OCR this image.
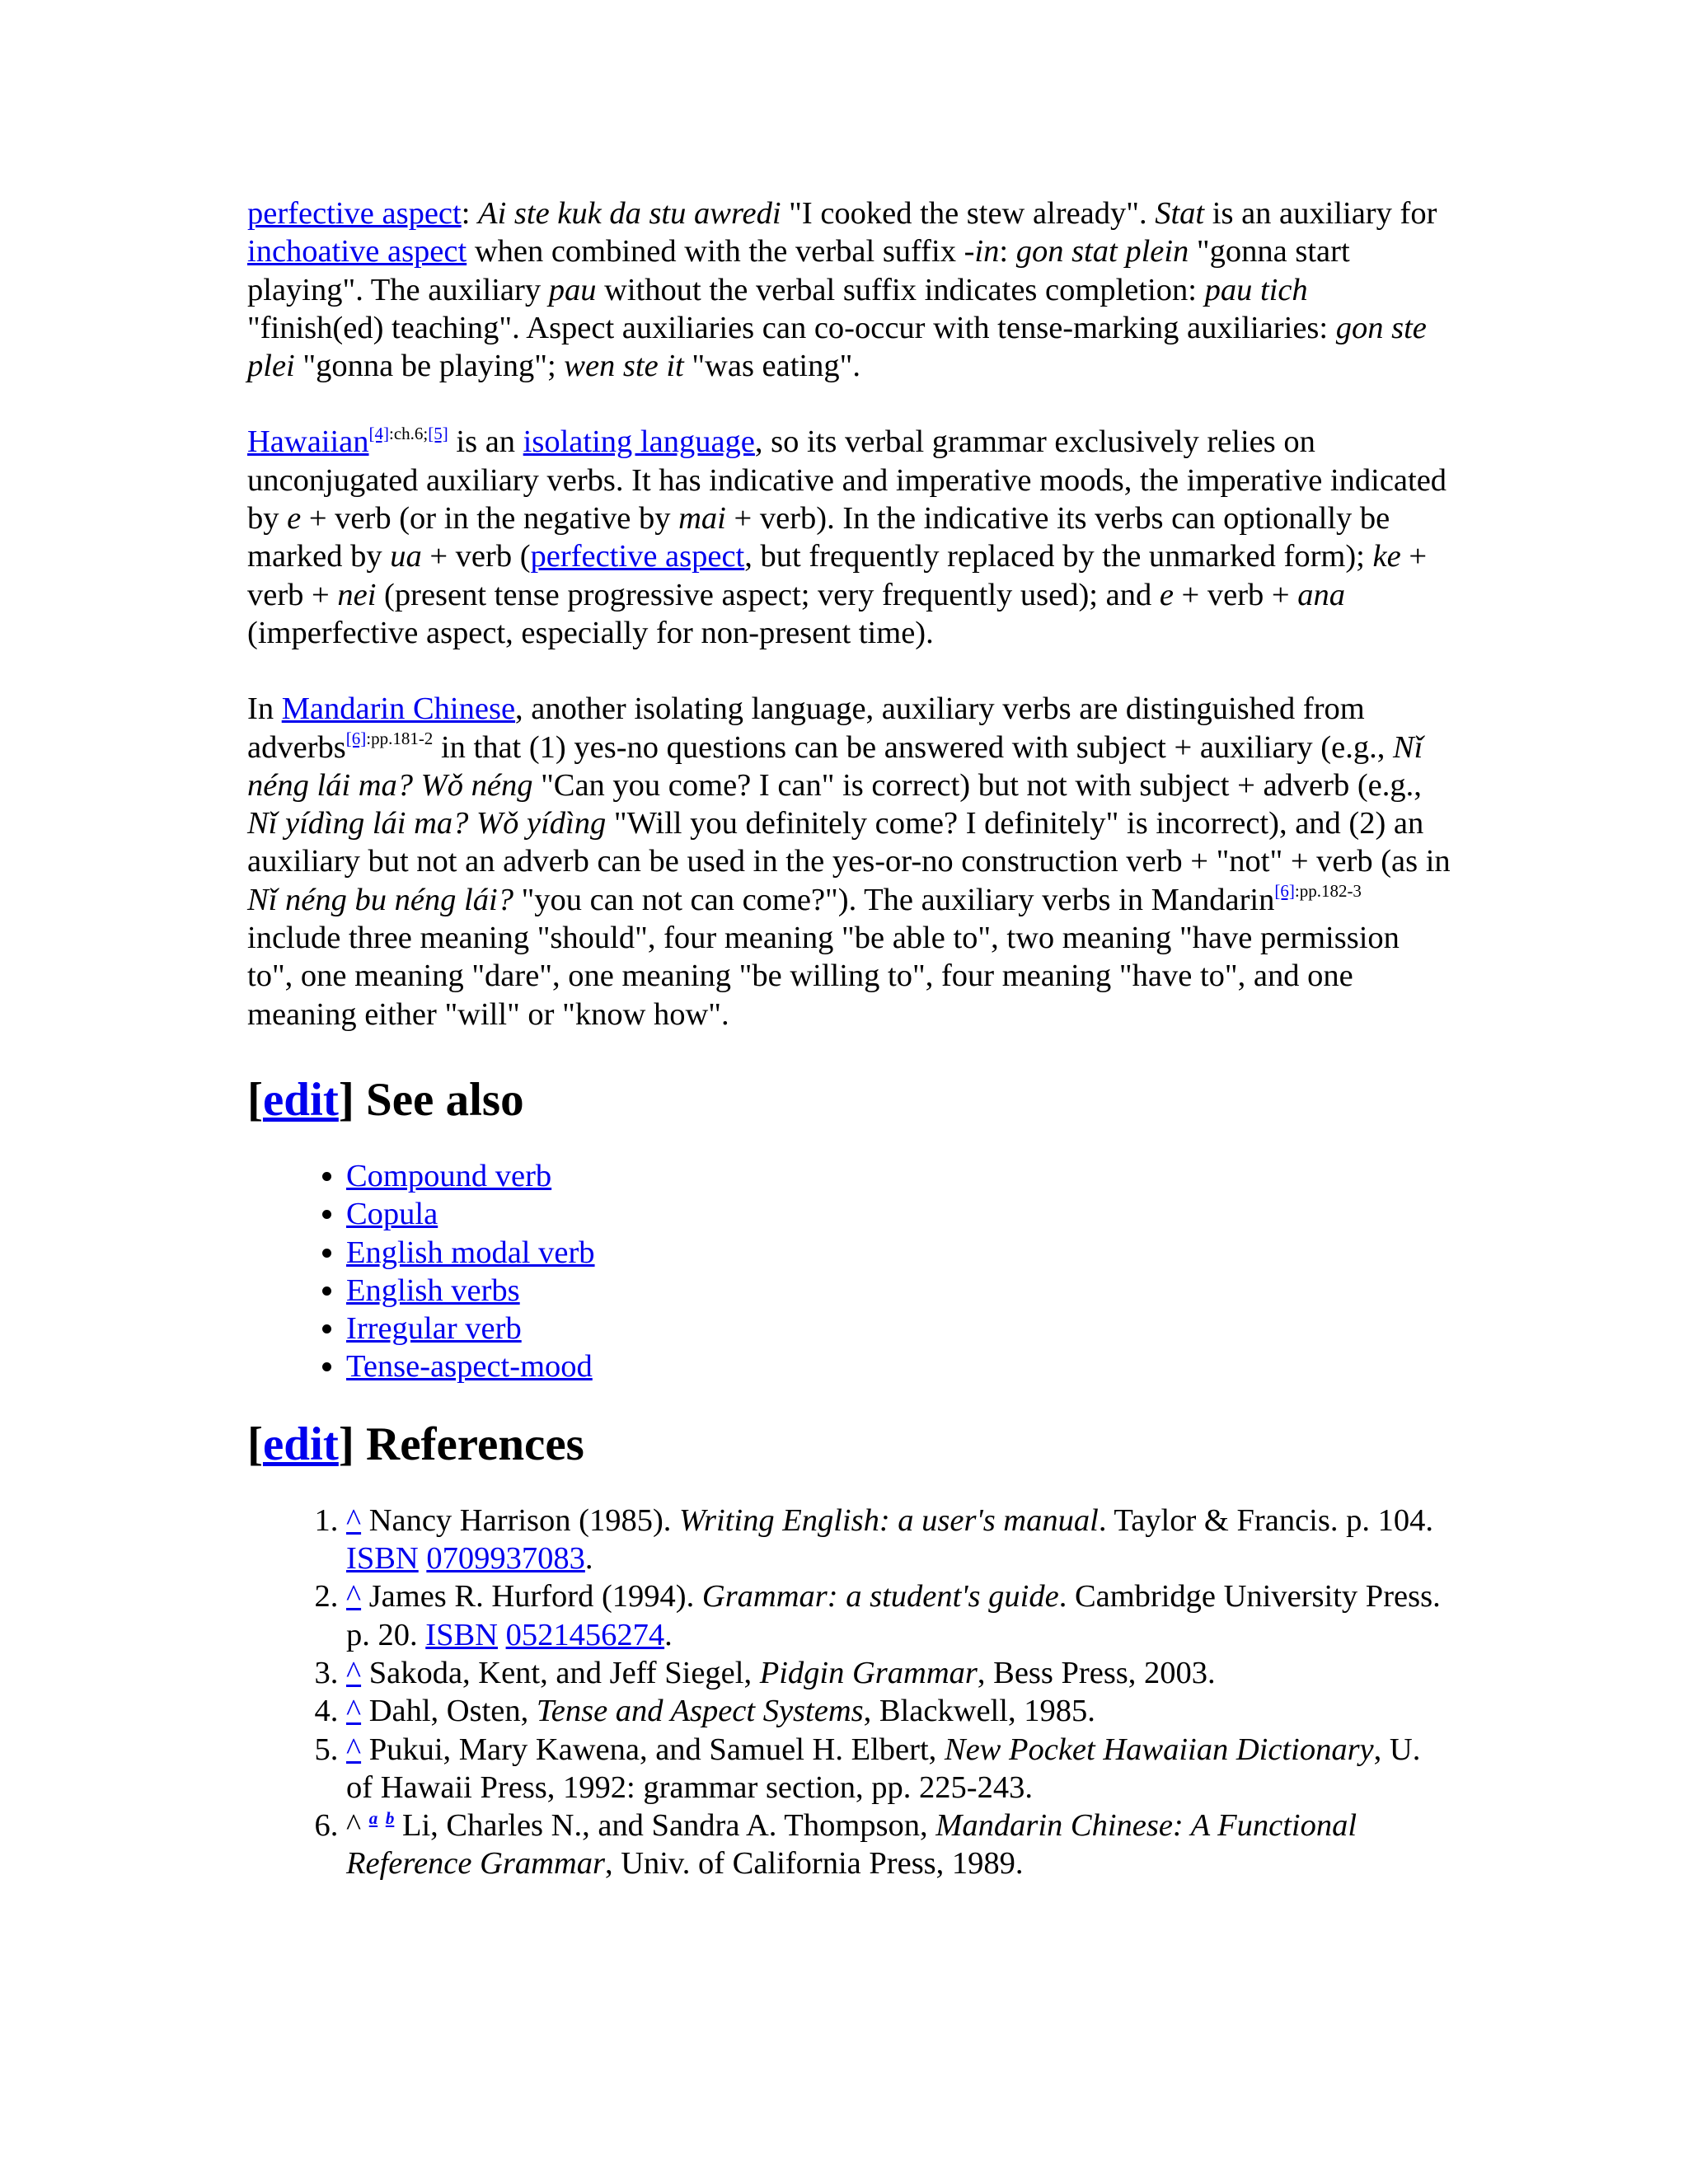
perfective aspect: Ai ste kuk da stu awredi "I cooked the stew already". Stat is an auxiliary for inchoative aspect when combined with the verbal suffix -in: gon stat plein "gonna start playing". The auxiliary pau without the verbal suffix indicates completion: pau tich "finish(ed) teaching". Aspect auxiliaries can co-occur with tense-marking auxiliaries: gon ste plei "gonna be playing"; wen ste it "was eating".

Hawaiian[4]:ch.6;[5] is an isolating language, so its verbal grammar exclusively relies on unconjugated auxiliary verbs. It has indicative and imperative moods, the imperative indicated by e + verb (or in the negative by mai + verb). In the indicative its verbs can optionally be marked by ua + verb (perfective aspect, but frequently replaced by the unmarked form); ke + verb + nei (present tense progressive aspect; very frequently used); and e + verb + ana (imperfective aspect, especially for non-present time).

In Mandarin Chinese, another isolating language, auxiliary verbs are distinguished from adverbs$^{[6]:pp.181-2}$ in that (1) yes-no questions can be answered with subject + auxiliary (e.g., Nǐ néng lái ma? Wǒ néng "Can you come? I can" is correct) but not with subject + adverb (e.g., Nǐ yídìng lái ma? Wǒ yídìng "Will you definitely come? I definitely" is incorrect), and (2) an auxiliary but not an adverb can be used in the yes-or-no construction verb + "not" + verb (as in Nǐ néng bu néng lái? "you can not can come?"). The auxiliary verbs in Mandarin$^{[6]:pp.182-3}$ include three meaning "should", four meaning "be able to", two meaning "have permission to", one meaning "dare", one meaning "be willing to", four meaning "have to", and one meaning either "will" or "know how".

[edit] See also
• Compound verb
• Copula
• English modal verb
• English verbs
• Irregular verb
• Tense-aspect-mood
[edit] References
1. ^ Nancy Harrison (1985). Writing English: a user's manual. Taylor & Francis. p. 104. ISBN 0709937083.
2. ^ James R. Hurford (1994). Grammar: a student's guide. Cambridge University Press. p. 20. ISBN 0521456274.
3. ^ Sakoda, Kent, and Jeff Siegel, Pidgin Grammar, Bess Press, 2003.
4. ^ Dahl, Osten, Tense and Aspect Systems, Blackwell, 1985.
5. ^ Pukui, Mary Kawena, and Samuel H. Elbert, New Pocket Hawaiian Dictionary, U. of Hawaii Press, 1992: grammar section, pp. 225-243.
6. ^ $^a$ $^b$ Li, Charles N., and Sandra A. Thompson, Mandarin Chinese: A Functional Reference Grammar, Univ. of California Press, 1989.
